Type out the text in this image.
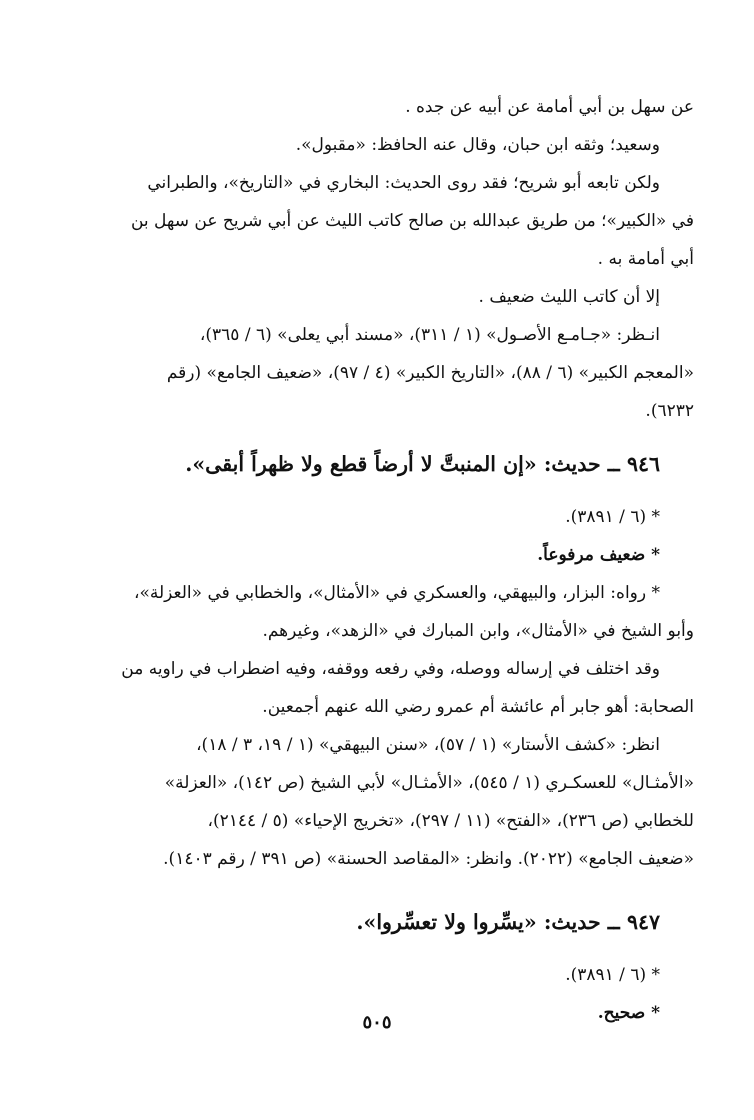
عن سهل بن أبي أمامة عن أبيه عن جده .
وسعيد؛ وثقه ابن حبان، وقال عنه الحافظ: «مقبول».
ولكن تابعه أبو شريح؛ فقد روى الحديث: البخاري في «التاريخ»، والطبراني
في «الكبير»؛ من طريق عبدالله بن صالح كاتب الليث عن أبي شريح عن سهل بن
أبي أمامة به .
إلا أن كاتب الليث ضعيف .
انـظر: «جـامـع الأصـول» (١ / ٣١١)، «مسند أبي يعلى» (٦ / ٣٦٥)،
«المعجم الكبير» (٦ / ٨٨)، «التاريخ الكبير» (٤ / ٩٧)، «ضعيف الجامع» (رقم
٦٢٣٢).
٩٤٦ ــ حديث: «إن المنبتَّ لا أرضاً قطع ولا ظهراً أبقى».
* (٦ / ٣٨٩١).
* ضعيف مرفوعاً.
* رواه: البزار، والبيهقي، والعسكري في «الأمثال»، والخطابي في «العزلة»،
وأبو الشيخ في «الأمثال»، وابن المبارك في «الزهد»، وغيرهم.
وقد اختلف في إرساله ووصله، وفي رفعه ووقفه، وفيه اضطراب في راويه من
الصحابة: أهو جابر أم عائشة أم عمرو رضي الله عنهم أجمعين.
انظر: «كشف الأستار» (١ / ٥٧)، «سنن البيهقي» (١ / ١٩، ٣ / ١٨)،
«الأمثـال» للعسكـري (١ / ٥٤٥)، «الأمثـال» لأبي الشيخ (ص ١٤٢)، «العزلة»
للخطابي (ص ٢٣٦)، «الفتح» (١١ / ٢٩٧)، «تخريج الإحياء» (٥ / ٢١٤٤)،
«ضعيف الجامع» (٢٠٢٢). وانظر: «المقاصد الحسنة» (ص ٣٩١ / رقم ١٤٠٣).
٩٤٧ ــ حديث: «يسِّروا ولا تعسِّروا».
* (٦ / ٣٨٩١).
* صحيح.
٥٠٥
